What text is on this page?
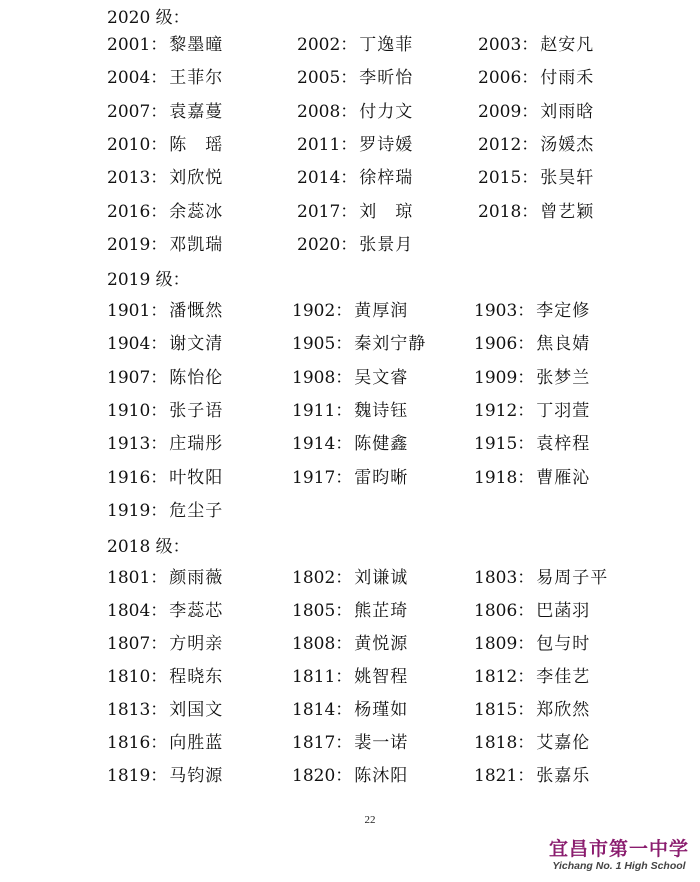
2020 级：
2019 级：
2018 级：
2001： 黎墨曈	2002： 丁逸菲	2003： 赵安凡
2004： 王菲尔	2005： 李昕怡	2006： 付雨禾
2007： 袁嘉蔓	2008： 付力文	2009： 刘雨晗
2010： 陈　瑶	2011： 罗诗媛	2012： 汤媛杰
2013： 刘欣悦	2014： 徐梓瑞	2015： 张昊轩
2016： 余蕊冰	2017： 刘　琼	2018： 曾艺颖
2019： 邓凯瑞	2020： 张景月
1901： 潘慨然	1902： 黄厚润	1903： 李定修
1904： 谢文清	1905： 秦刘宁静	1906： 焦良婧
1907： 陈怡伦	1908： 吴文睿	1909： 张梦兰
1910： 张子语	1911： 魏诗钰	1912： 丁羽萱
1913： 庄瑞彤	1914： 陈健鑫	1915： 袁梓程
1916： 叶牧阳	1917： 雷昀晰	1918： 曹雁沁
1919： 危尘子
1801： 颜雨薇	1802： 刘谦诚	1803： 易周子平
1804： 李蕊芯	1805： 熊芷琦	1806： 巴菡羽
1807： 方明亲	1808： 黄悦源	1809： 包与时
1810： 程晓东	1811： 姚智程	1812： 李佳艺
1813： 刘国文	1814： 杨瑾如	1815： 郑欣然
1816： 向胜蓝	1817： 裴一诺	1818： 艾嘉伦
1819： 马钧源	1820： 陈沐阳	1821： 张嘉乐
22
宜昌市第一中学
Yichang No. 1 High School
